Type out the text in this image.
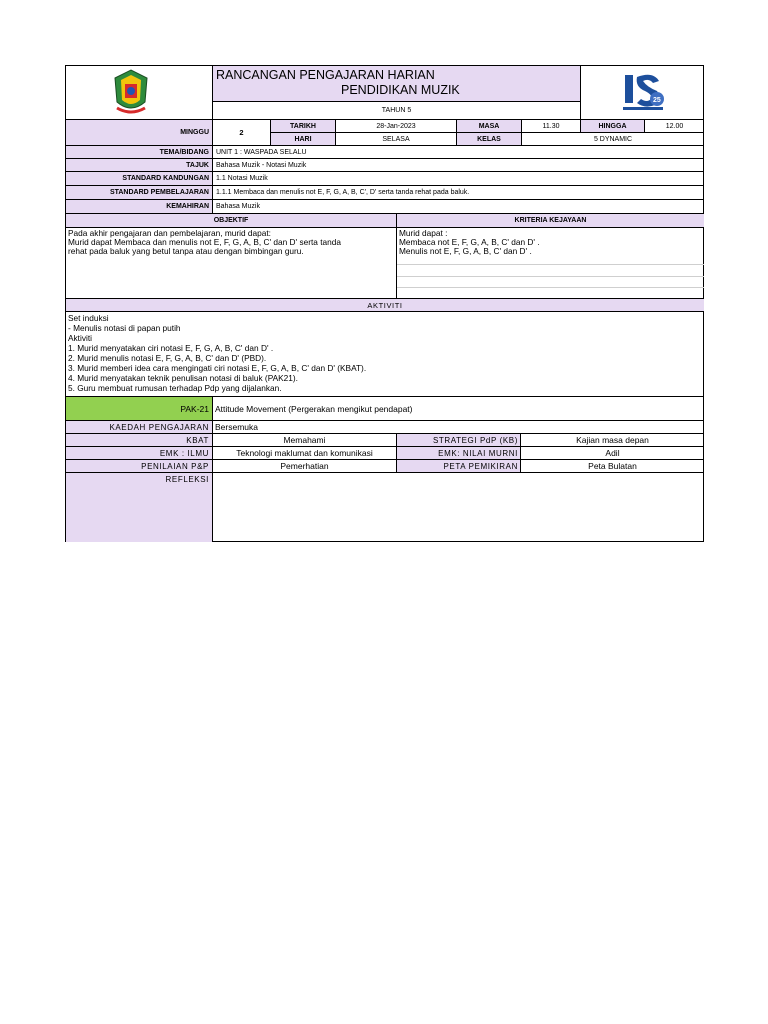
RANCANGAN PENGAJARAN HARIAN
PENDIDIKAN MUZIK
TAHUN 5
25
MINGGU	2
TARIKH	28-Jan-2023	MASA	11.30	HINGGA	12.00
HARI	SELASA	KELAS	5 DYNAMIC
TEMA/BIDANG UNIT 1 : WASPADA SELALU
TAJUK Bahasa Muzik - Notasi Muzik
STANDARD KANDUNGAN 1.1 Notasi Muzik
STANDARD PEMBELAJARAN 1.1.1 Membaca dan menulis not E, F, G, A, B, C', D' serta tanda rehat pada baluk.
KEMAHIRAN Bahasa Muzik
OBJEKTIF	KRITERIA KEJAYAAN
Pada akhir pengajaran dan pembelajaran, murid dapat:
Murid dapat Membaca dan menulis not E, F, G, A, B, C' dan D' serta tanda
rehat pada baluk yang betul tanpa atau dengan bimbingan guru.
Murid dapat :
Membaca not E, F, G, A, B, C' dan D' .
Menulis not E, F, G, A, B, C' dan D' .
AKTIVITI
Set induksi
- Menulis notasi di papan putih
Aktiviti
1. Murid menyatakan ciri notasi E, F, G, A, B, C' dan D' .
2. Murid menulis notasi E, F, G, A, B, C' dan D' (PBD).
3. Murid memberi idea cara mengingati ciri notasi E, F, G, A, B, C' dan D' (KBAT).
4. Murid menyatakan teknik penulisan notasi di baluk (PAK21).
5. Guru membuat rumusan terhadap Pdp yang dijalankan.
PAK-21 Attitude Movement (Pergerakan mengikut pendapat)
KAEDAH PENGAJARAN Bersemuka
KBAT	Memahami	STRATEGI PdP (KB)	Kajian masa depan
EMK : ILMU	Teknologi maklumat dan komunikasi	EMK: NILAI MURNI	Adil
PENILAIAN P&P	Pemerhatian	PETA PEMIKIRAN	Peta Bulatan
REFLEKSI
